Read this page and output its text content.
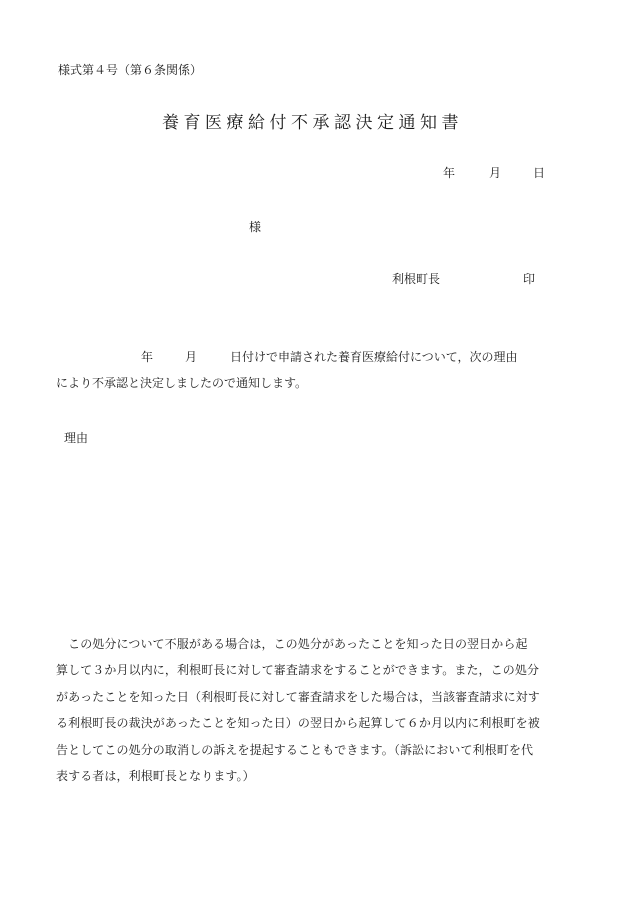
様式第４号（第６条関係）
養育医療給付不承認決定通知書
年	月	日
様
利根町長	印
年	月	日付けで申請された養育医療給付について，次の理由
により不承認と決定しましたので通知します。
理由
　この処分について不服がある場合は，この処分があったことを知った日の翌日から起
算して３か月以内に，利根町長に対して審査請求をすることができます。また，この処分
があったことを知った日（利根町長に対して審査請求をした場合は，当該審査請求に対す
る利根町長の裁決があったことを知った日）の翌日から起算して６か月以内に利根町を被
告としてこの処分の取消しの訴えを提起することもできます。（訴訟において利根町を代
表する者は，利根町長となります。）
